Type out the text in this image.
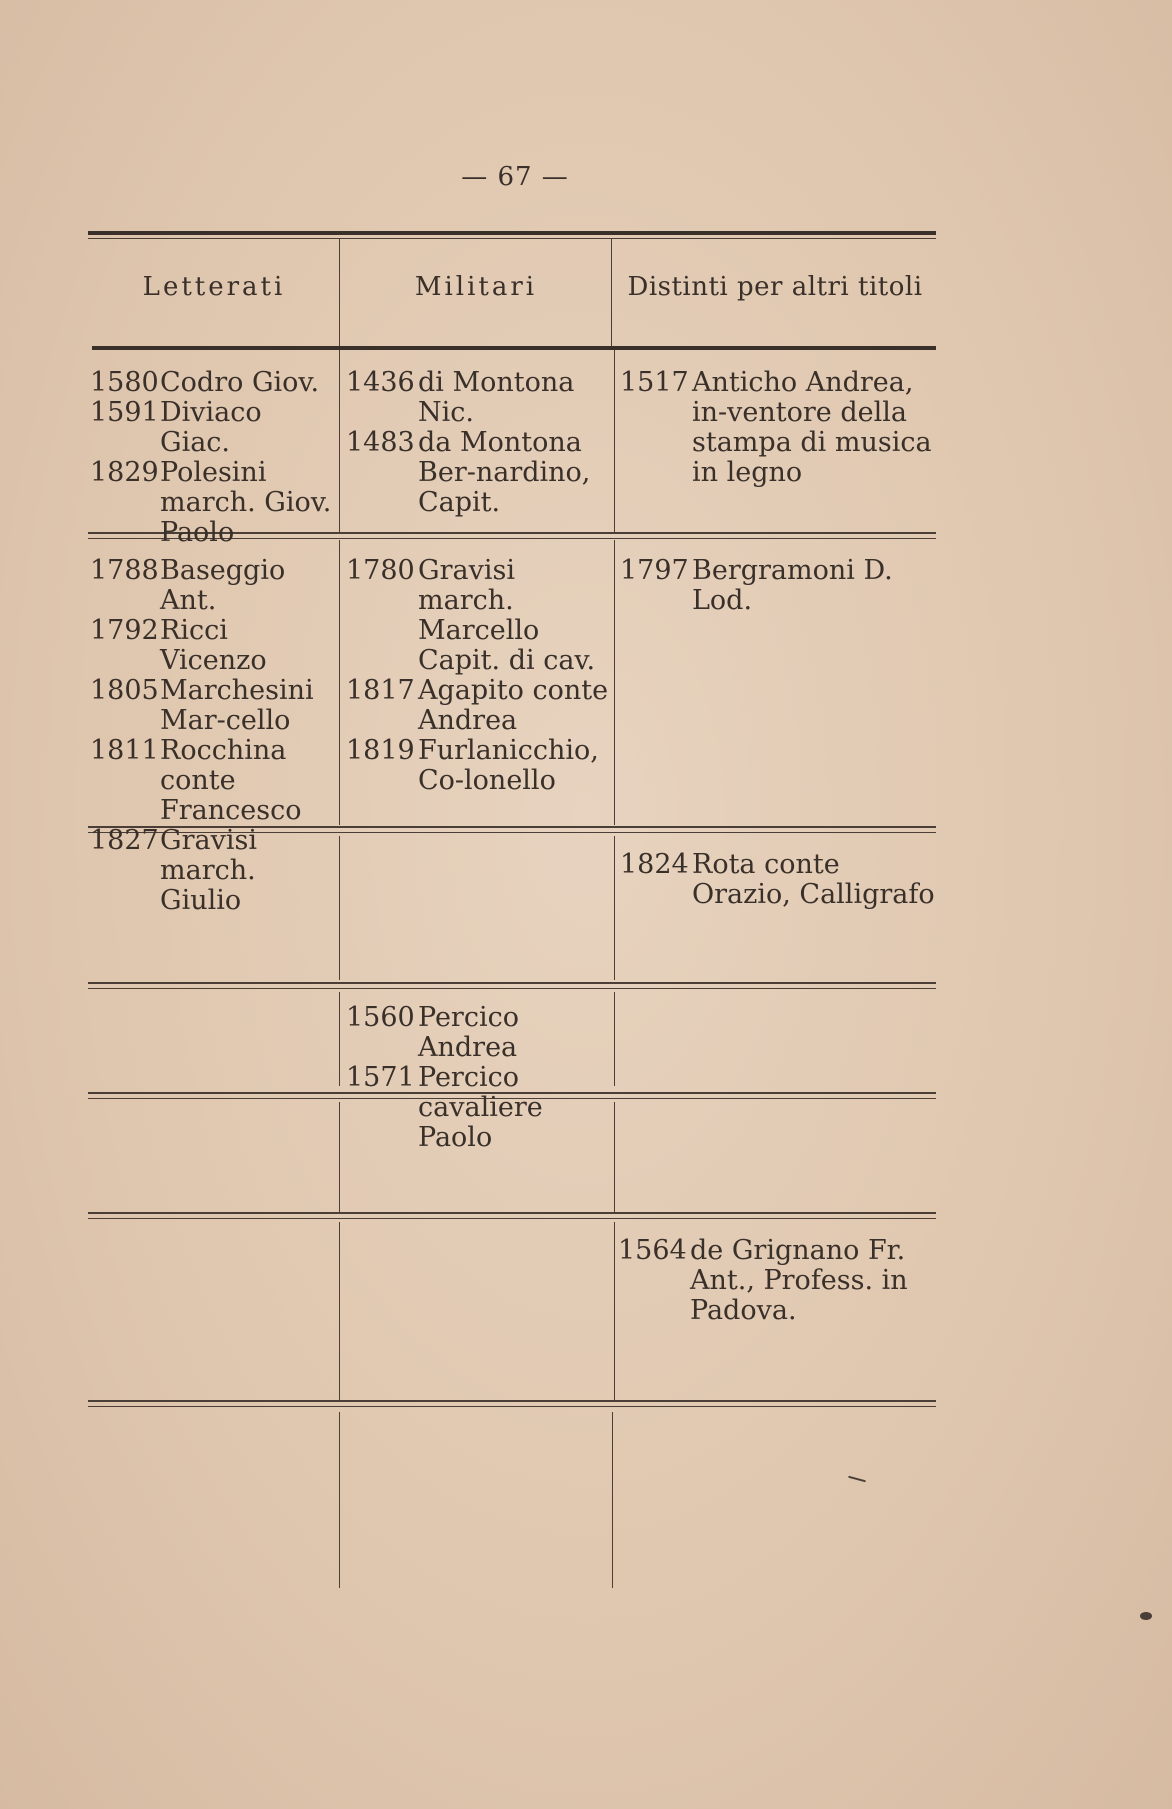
— 67 —
Letterati	Militari	Distinti per altri titoli
1580Codro Giov.
1591Diviaco Giac.
1829Polesini march. Giov. Paolo
1436 di Montona Nic.
1483 da Montona Ber-nardino, Capit.
1517 Anticho Andrea, in-ventore della stampa di musica in legno
1788Baseggio Ant.
1792Ricci Vicenzo
1805Marchesini Mar-cello
1811Rocchina conte Francesco
1827Gravisi march. Giulio
1780 Gravisi march. Marcello Capit. di cav.
1817 Agapito conte Andrea
1819 Furlanicchio, Co-lonello
1797 Bergramoni D. Lod.
1824 Rota conte Orazio, Calligrafo
1560 Percico Andrea
1571 Percico cavaliere Paolo
1564 de Grignano Fr. Ant., Profess. in Padova.
